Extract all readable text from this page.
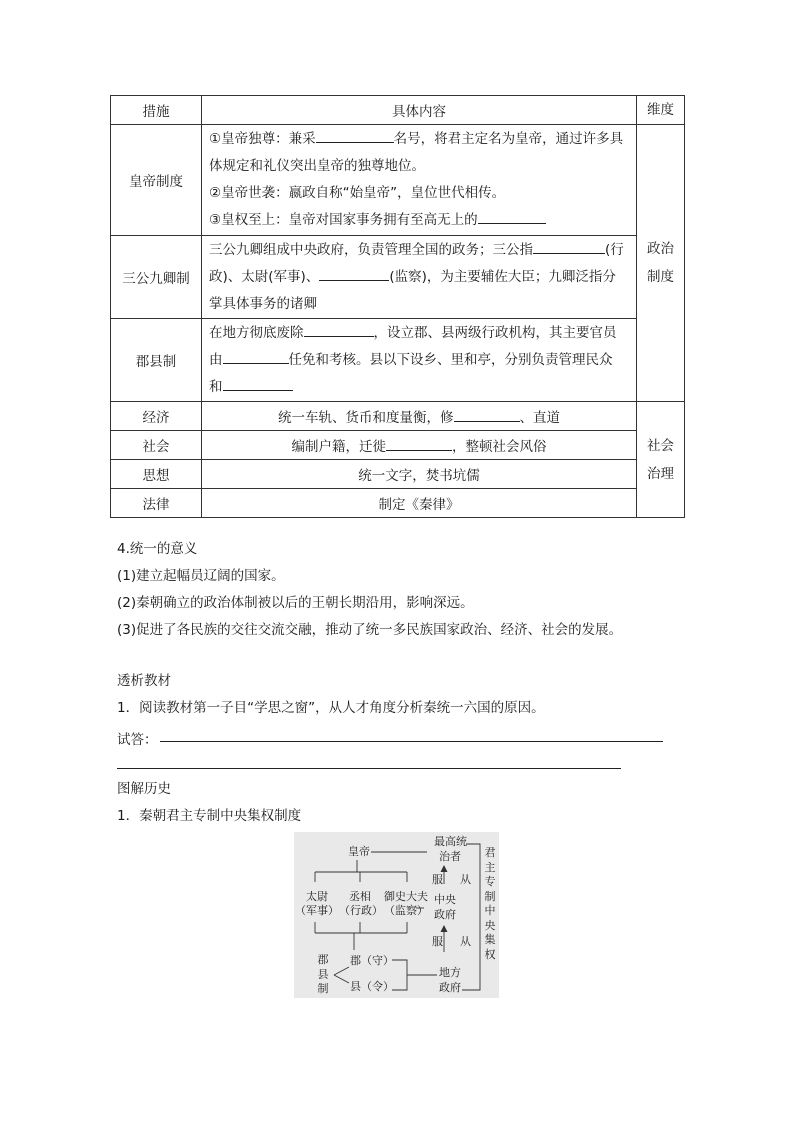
措施	具体内容	维度
皇帝制度	①皇帝独尊：兼采 名号，将君主定名为皇帝，通过许多具
体规定和礼仪突出皇帝的独尊地位。
②皇帝世袭：嬴政自称“始皇帝”，皇位世代相传。
③皇权至上：皇帝对国家事务拥有至高无上的	政治
制度
三公九卿制	三公九卿组成中央政府，负责管理全国的政务；三公指 (行
政)、太尉(军事)、 (监察)，为主要辅佐大臣；九卿泛指分
掌具体事务的诸卿	

郡县制	在地方彻底废除 ，设立郡、县两级行政机构，其主要官员
由 任免和考核。县以下设乡、里和亭，分别负责管理民众
和	

经济	统一车轨、货币和度量衡，修 、直道	社会
治理
社会	编制户籍，迁徙 ，整顿社会风俗	
思想	统一文字，焚书坑儒	
法律	制定《秦律》	
4.统一的意义
(1)建立起幅员辽阔的国家。
(2)秦朝确立的政治体制被以后的王朝长期沿用，影响深远。
(3)促进了各民族的交往交流交融，推动了统一多民族国家政治、经济、社会的发展。
透析教材
1．阅读教材第一子目“学思之窗”，从人才角度分析秦统一六国的原因。
试答：
图解历史
1．秦朝君主专制中央集权制度
皇帝
最高统
治者
服 从
太尉
（军事）
丞相
（行政）
御史大夫
（监察）
中央
政府
服 从
郡
县
制
郡（守）
县（令）
地方
政府
君
主
专
制
中
央
集
权
